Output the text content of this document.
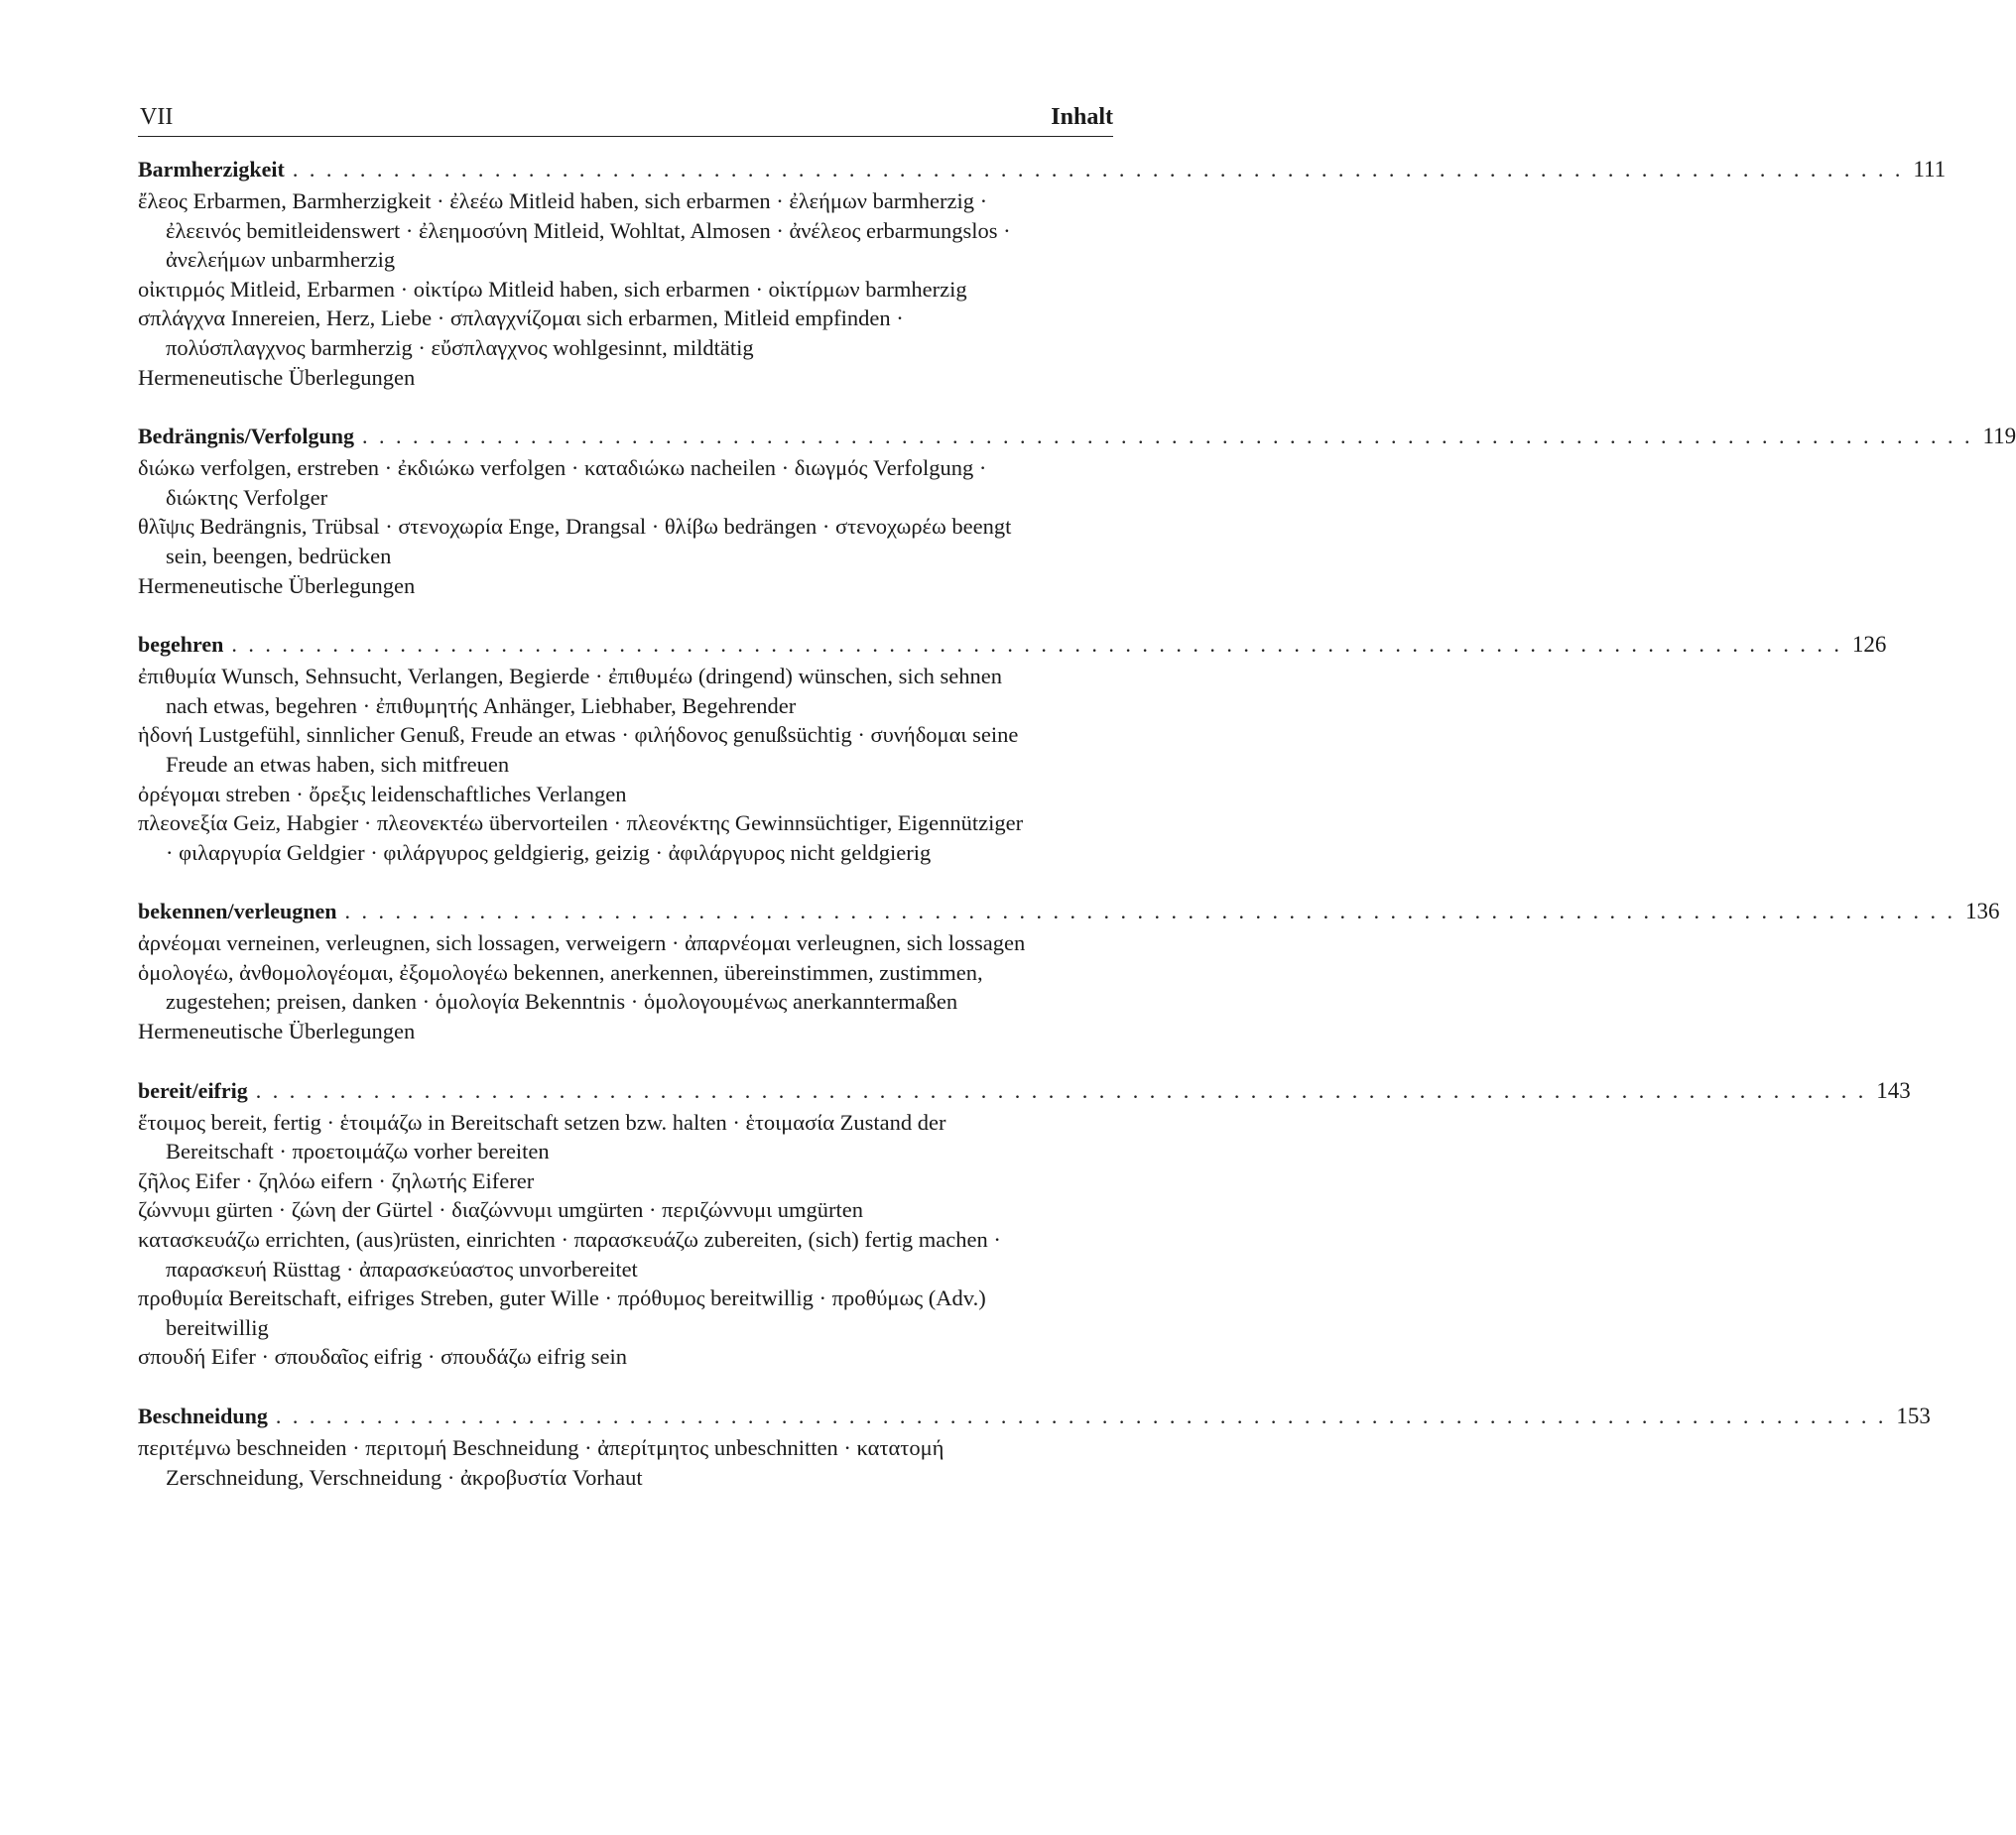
VII	Inhalt
Barmherzigkeit . . . . . . . . . . . . . . . . . . . . . . . . . . . . . . . . . . . . . . . . . . . . . . . . . . . . . . . . . . . . . . . . . . . . . . . . . . . . . . . . . . . . . . . . . . . . . . . . 111
ἔλεος Erbarmen, Barmherzigkeit · ἐλεέω Mitleid haben, sich erbarmen · ἐλεήμων barmherzig · ἐλεεινός bemitleidenswert · ἐλεημοσύνη Mitleid, Wohltat, Almosen · ἀνέλεος erbarmungslos · ἀνελεήμων unbarmherzig
οἰκτιρμός Mitleid, Erbarmen · οἰκτίρω Mitleid haben, sich erbarmen · οἰκτίρμων barmherzig
σπλάγχνα Innereien, Herz, Liebe · σπλαγχνίζομαι sich erbarmen, Mitleid empfinden · πολύσπλαγχνος barmherzig · εὔσπλαγχνος wohlgesinnt, mildtätig
Hermeneutische Überlegungen
Bedrängnis/Verfolgung . . . . . . . . . . . . . . . . . . . . . . . . . . . . . . . . . . . . . . . . . . . . . . . . . . . . . . . . . . . . . . . . . . . . . . . . . . . . . . . . . . . . . . . . . . . . . . . . 119
διώκω verfolgen, erstreben · ἐκδιώκω verfolgen · καταδιώκω nacheilen · διωγμός Verfolgung · διώκτης Verfolger
θλῖψις Bedrängnis, Trübsal · στενοχωρία Enge, Drangsal · θλίβω bedrängen · στενοχωρέω beengt sein, beengen, bedrücken
Hermeneutische Überlegungen
begehren . . . . . . . . . . . . . . . . . . . . . . . . . . . . . . . . . . . . . . . . . . . . . . . . . . . . . . . . . . . . . . . . . . . . . . . . . . . . . . . . . . . . . . . . . . . . . . . . 126
ἐπιθυμία Wunsch, Sehnsucht, Verlangen, Begierde · ἐπιθυμέω (dringend) wünschen, sich sehnen nach etwas, begehren · ἐπιθυμητής Anhänger, Liebhaber, Begehrender
ἡδονή Lustgefühl, sinnlicher Genuß, Freude an etwas · φιλήδονος genußsüchtig · συνήδομαι seine Freude an etwas haben, sich mitfreuen
ὀρέγομαι streben · ὄρεξις leidenschaftliches Verlangen
πλεονεξία Geiz, Habgier · πλεονεκτέω übervorteilen · πλεονέκτης Gewinnsüchtiger, Eigennütziger · φιλαργυρία Geldgier · φιλάργυρος geldgierig, geizig · ἀφιλάργυρος nicht geldgierig
bekennen/verleugnen . . . . . . . . . . . . . . . . . . . . . . . . . . . . . . . . . . . . . . . . . . . . . . . . . . . . . . . . . . . . . . . . . . . . . . . . . . . . . . . . . . . . . . . . . . . . . . . . 136
ἀρνέομαι verneinen, verleugnen, sich lossagen, verweigern · ἀπαρνέομαι verleugnen, sich lossagen
ὁμολογέω, ἀνθομολογέομαι, ἐξομολογέω bekennen, anerkennen, übereinstimmen, zustimmen, zugestehen; preisen, danken · ὁμολογία Bekenntnis · ὁμολογουμένως anerkanntermaßen
Hermeneutische Überlegungen
bereit/eifrig . . . . . . . . . . . . . . . . . . . . . . . . . . . . . . . . . . . . . . . . . . . . . . . . . . . . . . . . . . . . . . . . . . . . . . . . . . . . . . . . . . . . . . . . . . . . . . . . 143
ἕτοιμος bereit, fertig · ἑτοιμάζω in Bereitschaft setzen bzw. halten · ἑτοιμασία Zustand der Bereitschaft · προετοιμάζω vorher bereiten
ζῆλος Eifer · ζηλόω eifern · ζηλωτής Eiferer
ζώννυμι gürten · ζώνη der Gürtel · διαζώννυμι umgürten · περιζώννυμι umgürten
κατασκευάζω errichten, (aus)rüsten, einrichten · παρασκευάζω zubereiten, (sich) fertig machen · παρασκευή Rüsttag · ἀπαρασκεύαστος unvorbereitet
προθυμία Bereitschaft, eifriges Streben, guter Wille · πρόθυμος bereitwillig · προθύμως (Adv.) bereitwillig
σπουδή Eifer · σπουδαῖος eifrig · σπουδάζω eifrig sein
Beschneidung . . . . . . . . . . . . . . . . . . . . . . . . . . . . . . . . . . . . . . . . . . . . . . . . . . . . . . . . . . . . . . . . . . . . . . . . . . . . . . . . . . . . . . . . . . . . . . . . 153
περιτέμνω beschneiden · περιτομή Beschneidung · ἀπερίτμητος unbeschnitten · κατατομή Zerschneidung, Verschneidung · ἀκροβυστία Vorhaut
